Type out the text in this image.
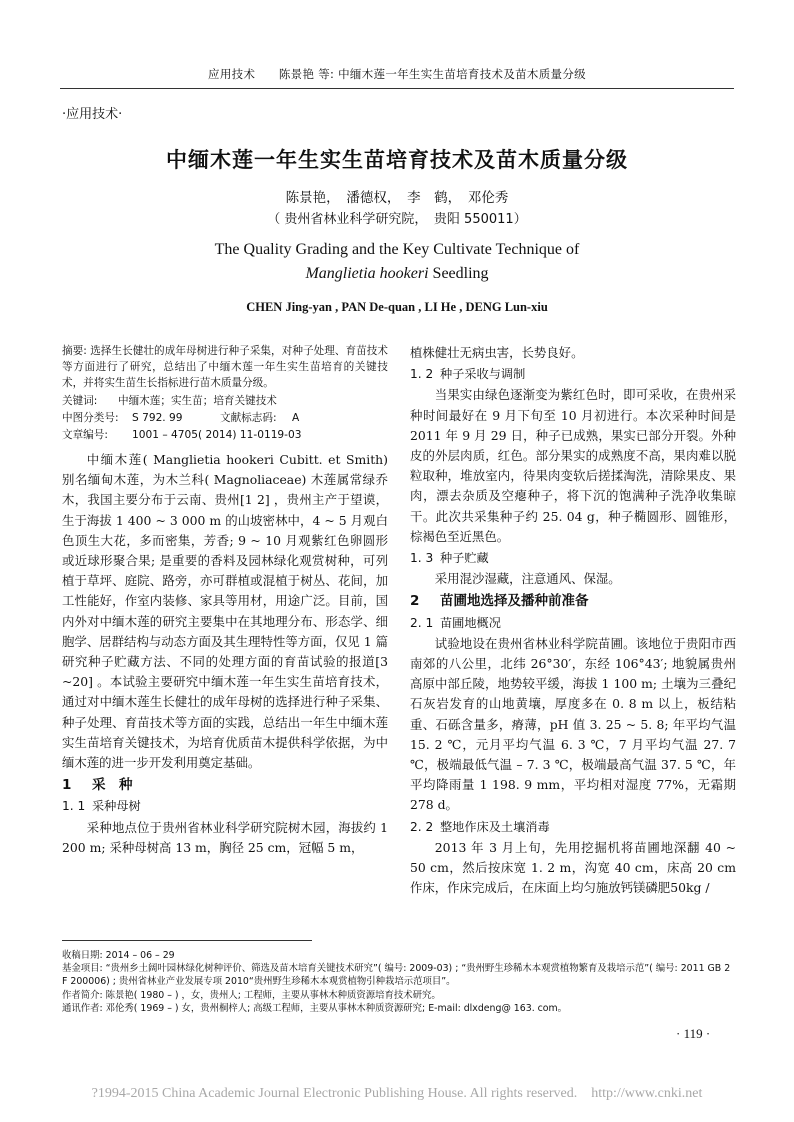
应用技术　　陈景艳 等: 中缅木莲一年生实生苗培育技术及苗木质量分级
·应用技术·
中缅木莲一年生实生苗培育技术及苗木质量分级
陈景艳，　潘德权，　李　鹤，　邓伦秀
（ 贵州省林业科学研究院，　贵阳 550011）
The Quality Grading and the Key Cultivate Technique of
Manglietia hookeri Seedling
CHEN Jing-yan , PAN De-quan , LI He , DENG Lun-xiu

摘要: 选择生长健壮的成年母树进行种子采集，对种子处理、育苗技术等方面进行了研究，总结出了中缅木莲一年生实生苗培育的关键技术，并将实生苗生长指标进行苗木质量分级。

关键词: 中缅木莲；实生苗；培育关键技术
中图分类号: S 792. 99	文献标志码: A
文章编号: 1001 – 4705( 2014) 11-0119-03

中缅木莲( Manglietia hookeri Cubitt. et Smith) 别名缅甸木莲，为木兰科( Magnoliaceae) 木莲属常绿乔木，我国主要分布于云南、贵州[1 2] ，贵州主产于望谟，生于海拔 1 400 ~ 3 000 m 的山坡密林中，4 ~ 5 月观白色顶生大花，多而密集，芳香; 9 ~ 10 月观紫红色卵圆形或近球形聚合果; 是重要的香料及园林绿化观赏树种，可列植于草坪、庭院、路旁，亦可群植或混植于树丛、花间，加工性能好，作室内装修、家具等用材，用途广泛。目前，国内外对中缅木莲的研究主要集中在其地理分布、形态学、细胞学、居群结构与动态方面及其生理特性等方面，仅见 1 篇研究种子贮藏方法、不同的处理方面的育苗试验的报道[3 ~20] 。本试验主要研究中缅木莲一年生实生苗培育技术，通过对中缅木莲生长健壮的成年母树的选择进行种子采集、种子处理、育苗技术等方面的实践，总结出一年生中缅木莲实生苗培育关键技术，为培育优质苗木提供科学依据，为中缅木莲的进一步开发利用奠定基础。

1 采　种
1. 1 采种母树

采种地点位于贵州省林业科学研究院树木园，海拔约 1 200 m; 采种母树高 13 m，胸径 25 cm，冠幅 5 m，

植株健壮无病虫害，长势良好。

1. 2 种子采收与调制

当果实由绿色逐渐变为紫红色时，即可采收，在贵州采种时间最好在 9 月下旬至 10 月初进行。本次采种时间是 2011 年 9 月 29 日，种子已成熟，果实已部分开裂。外种皮的外层肉质，红色。部分果实的成熟度不高，果肉难以脱粒取种，堆放室内，待果肉变软后搓揉淘洗，清除果皮、果肉，漂去杂质及空瘪种子，将下沉的饱满种子洗净收集晾干。此次共采集种子约 25. 04 g，种子椭圆形、圆锥形，棕褐色至近黑色。

1. 3 种子贮藏

采用混沙湿藏，注意通风、保湿。

2 苗圃地选择及播种前准备
2. 1 苗圃地概况

试验地设在贵州省林业科学院苗圃。该地位于贵阳市西南郊的八公里，北纬 26°30′，东经 106°43′; 地貌属贵州高原中部丘陵，地势较平缓，海拔 1 100 m; 土壤为三叠纪石灰岩发育的山地黄壤，厚度多在 0. 8 m 以上，板结粘重、石砾含量多，瘠薄，pH 值 3. 25 ~ 5. 8; 年平均气温 15. 2 ℃，元月平均气温 6. 3 ℃，7 月平均气温 27. 7 ℃，极端最低气温 – 7. 3 ℃，极端最高气温 37. 5 ℃，年平均降雨量 1 198. 9 mm，平均相对湿度 77%，无霜期 278 d。

2. 2 整地作床及土壤消毒

2013 年 3 月上旬，先用挖掘机将苗圃地深翻 40 ~ 50 cm，然后按床宽 1. 2 m，沟宽 40 cm，床高 20 cm 作床，作床完成后，在床面上均匀施放钙镁磷肥50kg /

收稿日期: 2014 – 06 – 29
基金项目: “贵州乡土阔叶园林绿化树种评价、筛选及苗木培育关键技术研究”( 编号: 2009-03) ; “贵州野生珍稀木本观赏植物繁育及栽培示范”( 编号: 2011 GB 2 F 200006) ; 贵州省林业产业发展专项 2010“贵州野生珍稀木本观赏植物引种栽培示范项目”。
作者简介: 陈景艳( 1980 – ) ，女，贵州人; 工程师，主要从事林木种质资源培育技术研究。
通讯作者: 邓伦秀( 1969 – ) 女，贵州桐梓人; 高级工程师，主要从事林木种质资源研究; E-mail: dlxdeng@ 163. com。
· 119 ·
?1994-2015 China Academic Journal Electronic Publishing House. All rights reserved.　http://www.cnki.net
